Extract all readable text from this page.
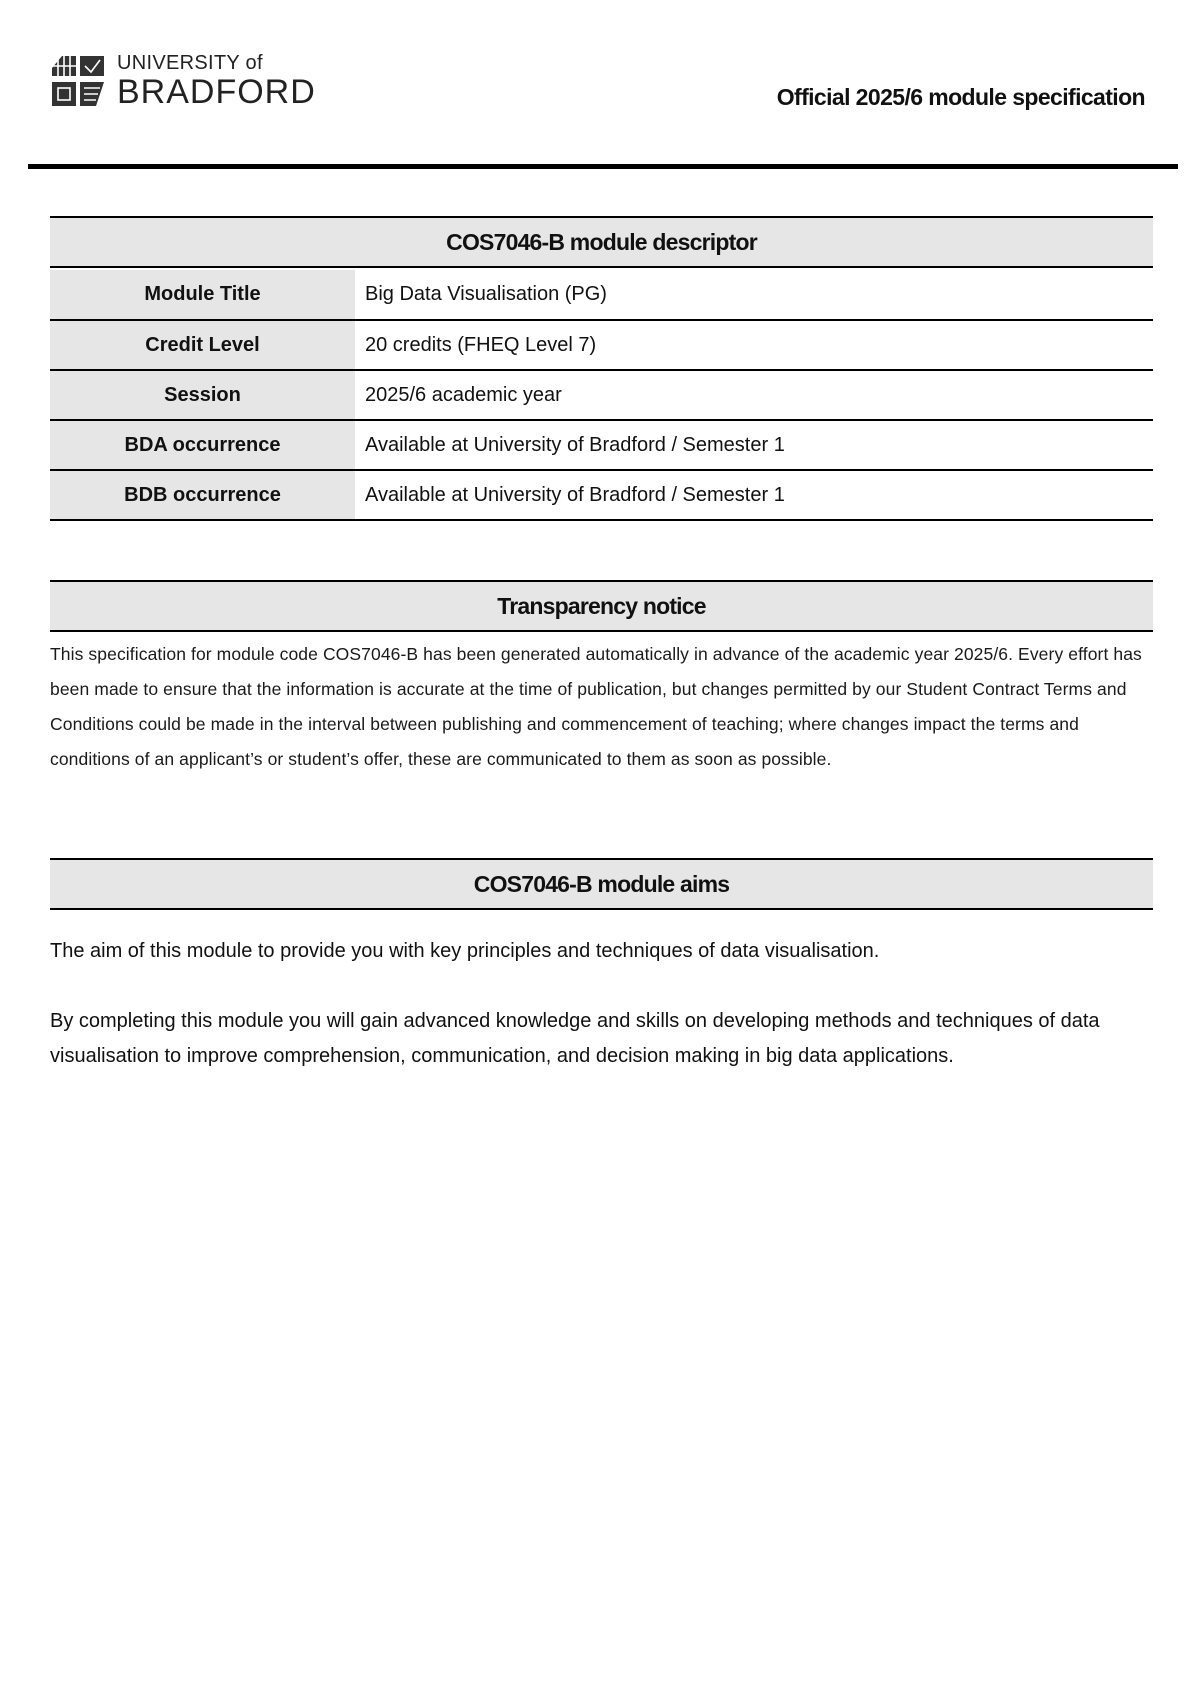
UNIVERSITY of
BRADFORD	Official 2025/6 module specification
COS7046-B module descriptor
Module Title	Big Data Visualisation (PG)
Credit Level	20 credits (FHEQ Level 7)
Session	2025/6 academic year
BDA occurrence	Available at University of Bradford / Semester 1
BDB occurrence	Available at University of Bradford / Semester 1
Transparency notice
This specification for module code COS7046-B has been generated automatically in advance of the academic year 2025/6. Every effort has been made to ensure that the information is accurate at the time of publication, but changes permitted by our Student Contract Terms and Conditions could be made in the interval between publishing and commencement of teaching; where changes impact the terms and conditions of an applicant’s or student’s offer, these are communicated to them as soon as possible.
COS7046-B module aims

The aim of this module to provide you with key principles and techniques of data visualisation.

By completing this module you will gain advanced knowledge and skills on developing methods and techniques of data visualisation to improve comprehension, communication, and decision making in big data applications.
